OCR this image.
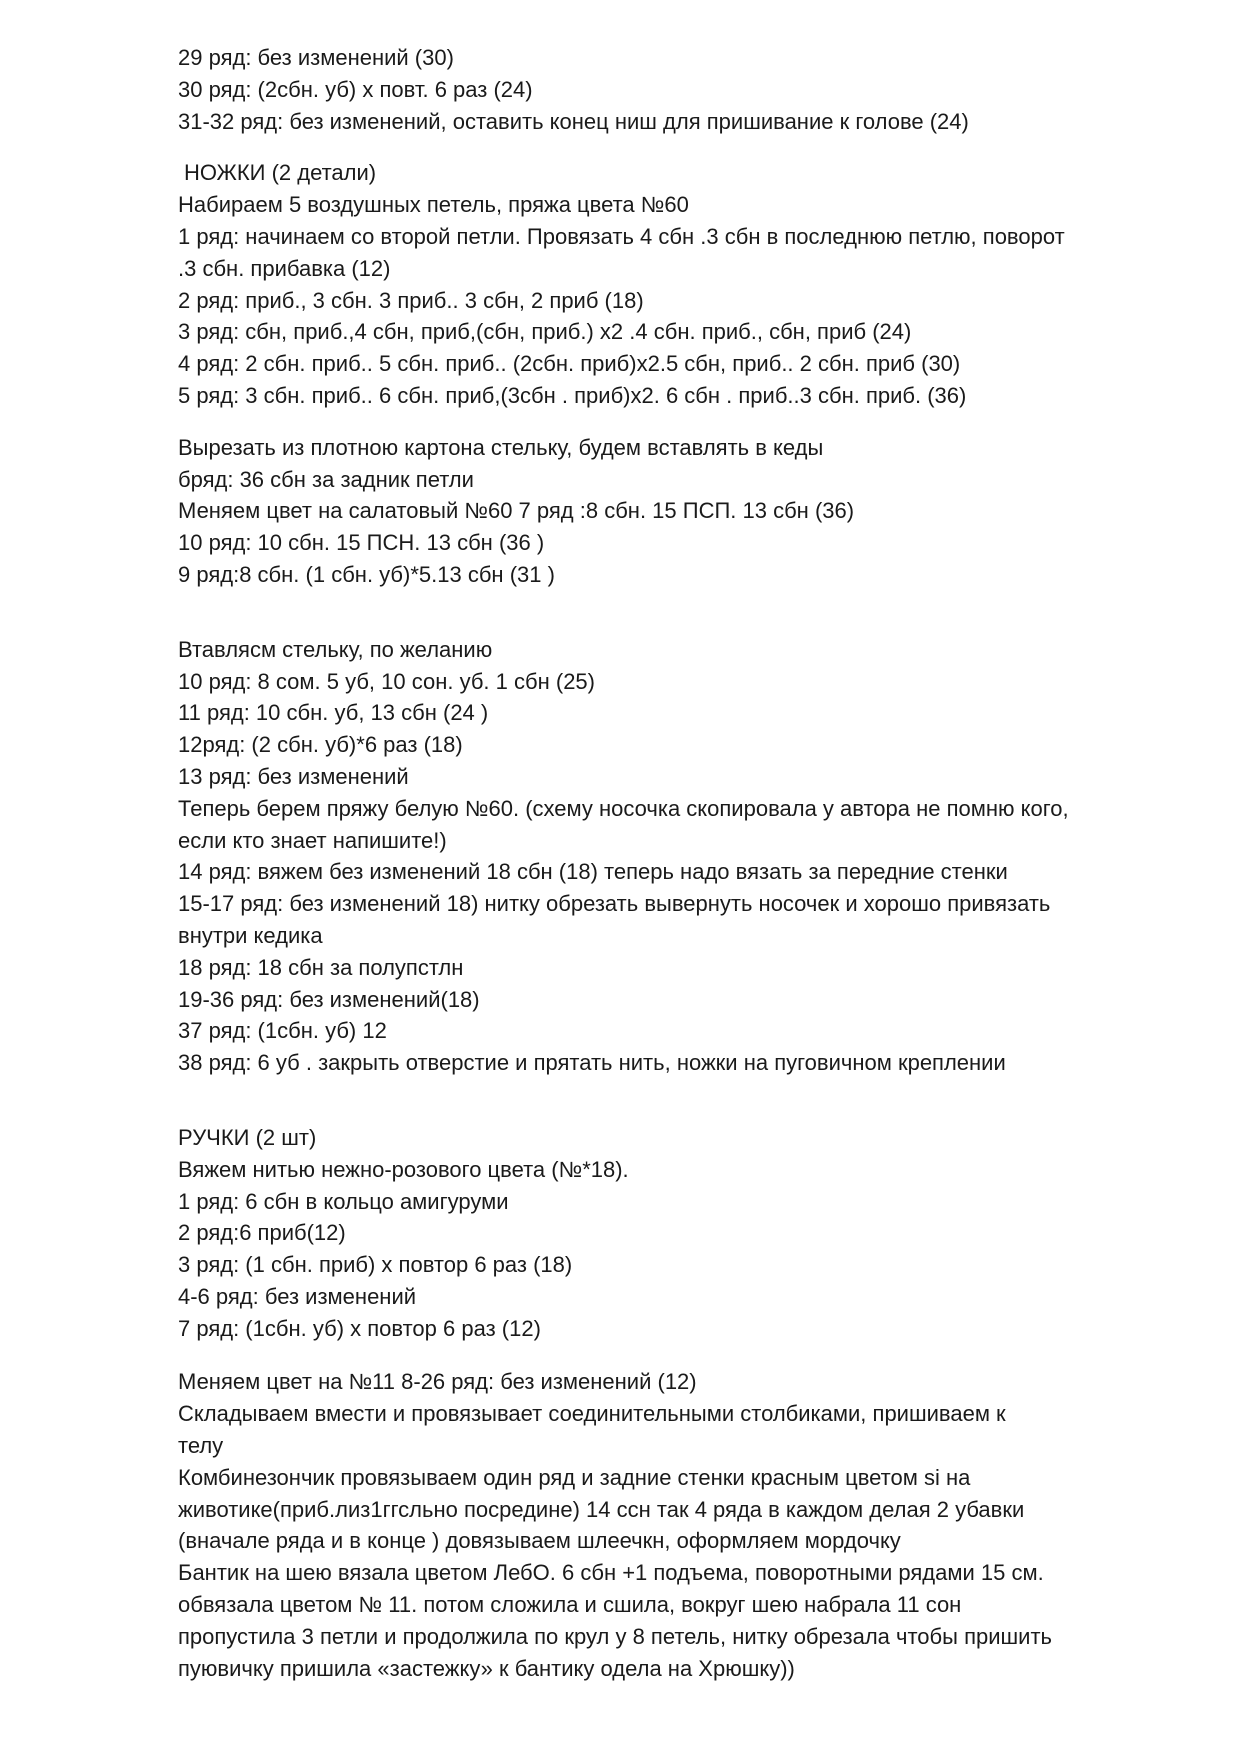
29 ряд: без изменений (30)
30 ряд: (2сбн. уб) х повт. 6 раз (24)
31-32 ряд: без изменений, оставить конец ниш для пришивание к голове (24)
НОЖКИ (2 детали)
Набираем 5 воздушных петель, пряжа цвета №60
1 ряд: начинаем со второй петли. Провязать 4 сбн .3 сбн в последнюю петлю, поворот
.3 сбн. прибавка (12)
2 ряд: приб., 3 сбн. 3 приб.. 3 сбн, 2 приб (18)
3 ряд: сбн, приб.,4 сбн, приб,(сбн, приб.) х2 .4 сбн. приб., сбн, приб (24)
4 ряд: 2 сбн. приб.. 5 сбн. приб.. (2сбн. приб)х2.5 сбн, приб.. 2 сбн. приб (30)
5 ряд: 3 сбн. приб.. 6 сбн. приб,(3сбн . приб)х2. 6 сбн . приб..3 сбн. приб. (36)
Вырезать из плотною картона стельку, будем вставлять в кеды
бряд: 36 сбн за задник петли
Меняем цвет на салатовый №60 7 ряд :8 сбн. 15 ПСП. 13 сбн (36)
10 ряд: 10 сбн. 15 ПСН. 13 сбн (36 )
9 ряд:8 сбн. (1 сбн. уб)*5.13 сбн (31 )
Втавлясм стельку, по желанию
10 ряд: 8 сом. 5 уб, 10 сон. уб. 1 сбн (25)
11 ряд: 10 сбн. уб, 13 сбн (24 )
12ряд: (2 сбн. уб)*6 раз (18)
13 ряд: без изменений
Теперь берем пряжу белую №60. (схему носочка скопировала у автора не помню кого,
если кто знает напишите!)
14 ряд: вяжем без изменений 18 сбн (18) теперь надо вязать за передние стенки
15-17 ряд: без изменений 18) нитку обрезать вывернуть носочек и хорошо привязать
внутри кедика
18 ряд: 18 сбн за полупстлн
19-36 ряд: без изменений(18)
37 ряд: (1сбн. уб) 12
38 ряд: 6 уб . закрыть отверстие и прятать нить, ножки на пуговичном креплении
РУЧКИ (2 шт)
Вяжем нитью нежно-розового цвета (№*18).
1 ряд: 6 сбн в кольцо амигуруми
2 ряд:6 приб(12)
3 ряд: (1 сбн. приб) х повтор 6 раз (18)
4-6 ряд: без изменений
7 ряд: (1сбн. уб) х повтор 6 раз (12)
Меняем цвет на №11 8-26 ряд: без изменений (12)
Складываем вмести и провязывает соединительными столбиками, пришиваем к
телу
Комбинезончик провязываем один ряд и задние стенки красным цветом si на
животике(приб.лиз1ггсльно посредине) 14 ссн так 4 ряда в каждом делая 2 убавки
(вначале ряда и в конце ) довязываем шлеечкн, оформляем мордочку
Бантик на шею вязала цветом ЛебО. 6 сбн +1 подъема, поворотными рядами 15 см.
обвязала цветом № 11. потом сложила и сшила, вокруг шею набрала 11 сон
пропустила 3 петли и продолжила по крул у 8 петель, нитку обрезала чтобы пришить
пуювичку пришила «застежку» к бантику одела на Хрюшку))
